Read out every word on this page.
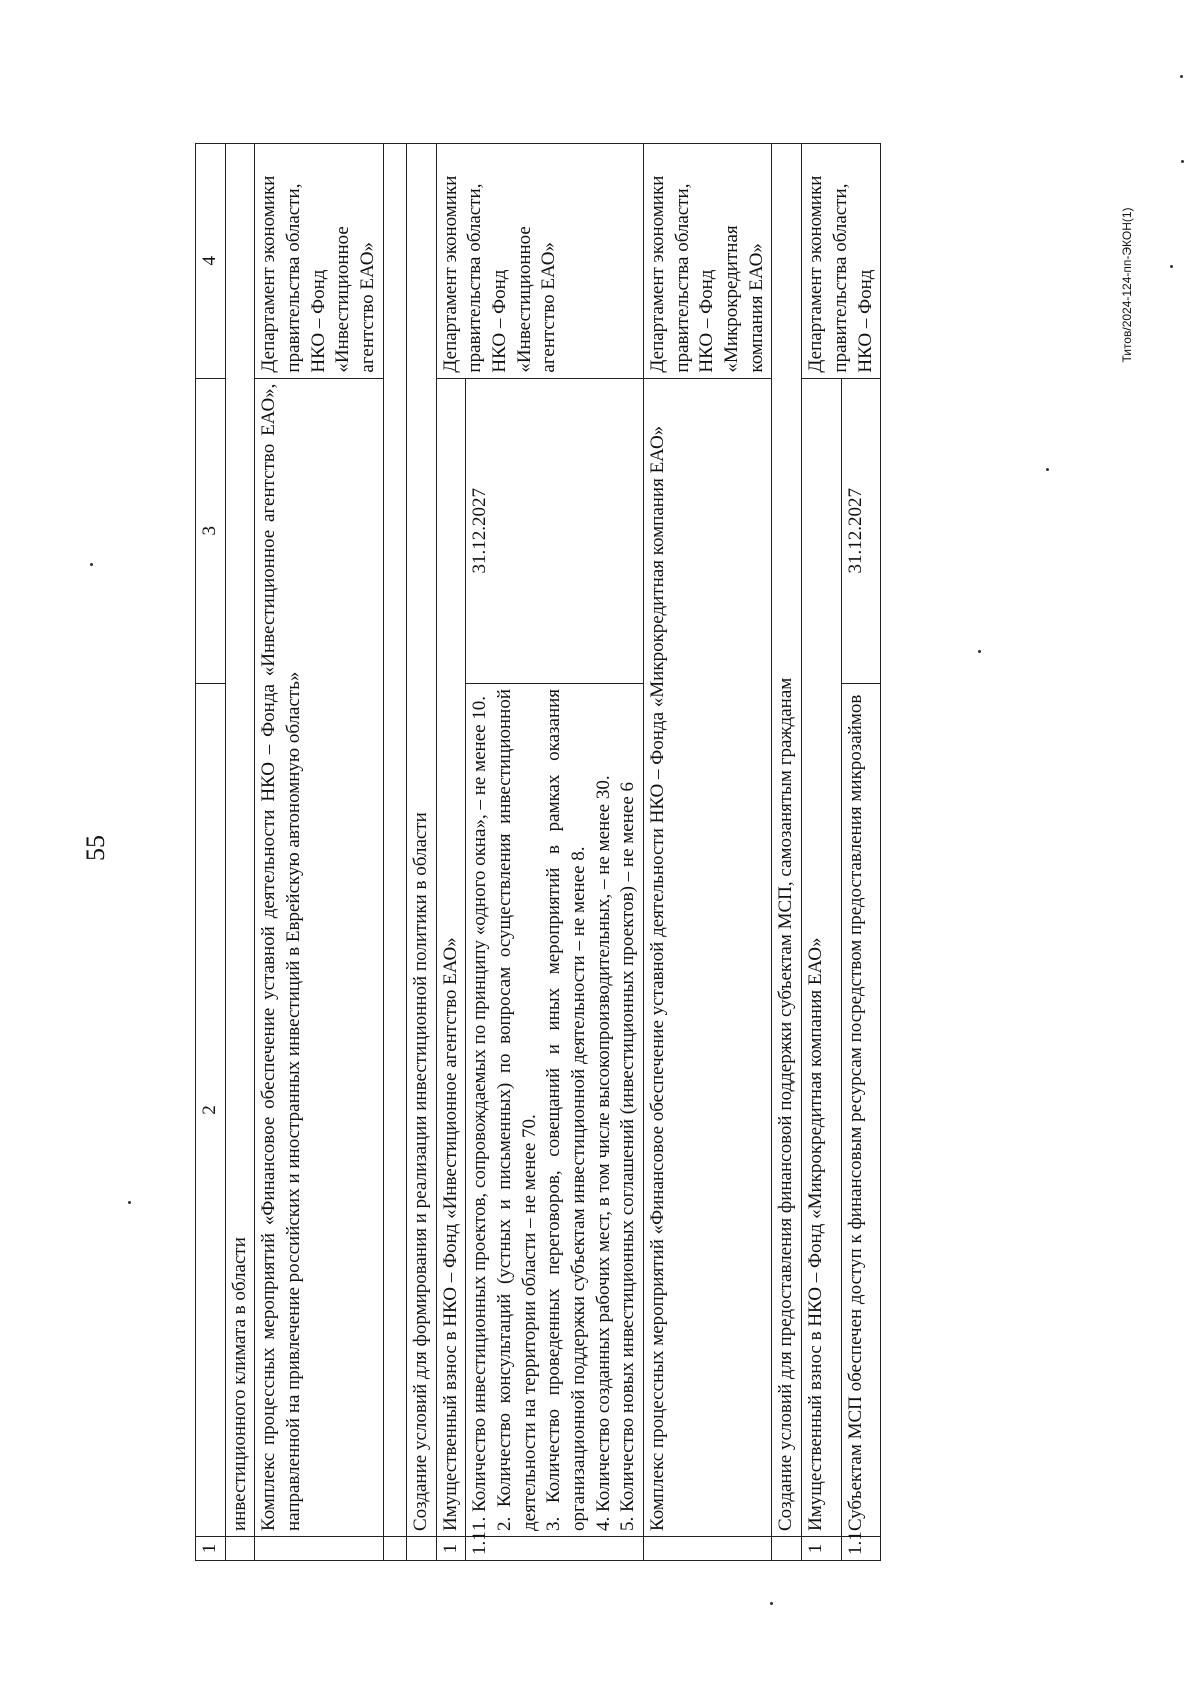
55
Титов/2024-124-пп-ЭКОН(1)
1	2	3	4
	инвестиционного климата в области		
	Комплекс процессных мероприятий «Финансовое обеспечение уставной деятельности НКО – Фонда «Инвестиционное агентство ЕАО», направленной на привлечение российских и иностранных инвестиций в Еврейскую автономную область»		Департамент экономики правительства области, НКО – Фонд «Инвестиционное агентство ЕАО»

	Создание условий для формирования и реализации инвестиционной политики в области		
1	Имущественный взнос в НКО – Фонд «Инвестиционное агентство ЕАО»		Департамент экономики правительства области, НКО – Фонд «Инвестиционное агентство ЕАО»
1.1	1. Количество инвестиционных проектов, сопровождаемых по принципу «одного окна», – не менее 10. 2. Количество консультаций (устных и письменных) по вопросам осуществления инвестиционной деятельности на территории области – не менее 70. 3. Количество проведенных переговоров, совещаний и иных мероприятий в рамках оказания организационной поддержки субъектам инвестиционной деятельности – не менее 8. 4. Количество созданных рабочих мест, в том числе высокопроизводительных, – не менее 30. 5. Количество новых инвестиционных соглашений (инвестиционных проектов) – не менее 6	31.12.2027	
	Комплекс процессных мероприятий «Финансовое обеспечение уставной деятельности НКО – Фонда «Микрокредитная компания ЕАО»		Департамент экономики правительства области, НКО – Фонд «Микрокредитная компания ЕАО»
	Создание условий для предоставления финансовой поддержки субъектам МСП, самозанятым гражданам		
1	Имущественный взнос в НКО – Фонд «Микрокредитная компания ЕАО»		Департамент экономики правительства области, НКО – Фонд
1.1	Субъектам МСП обеспечен доступ к финансовым ресурсам посредством предоставления микрозаймов	31.12.2027	
